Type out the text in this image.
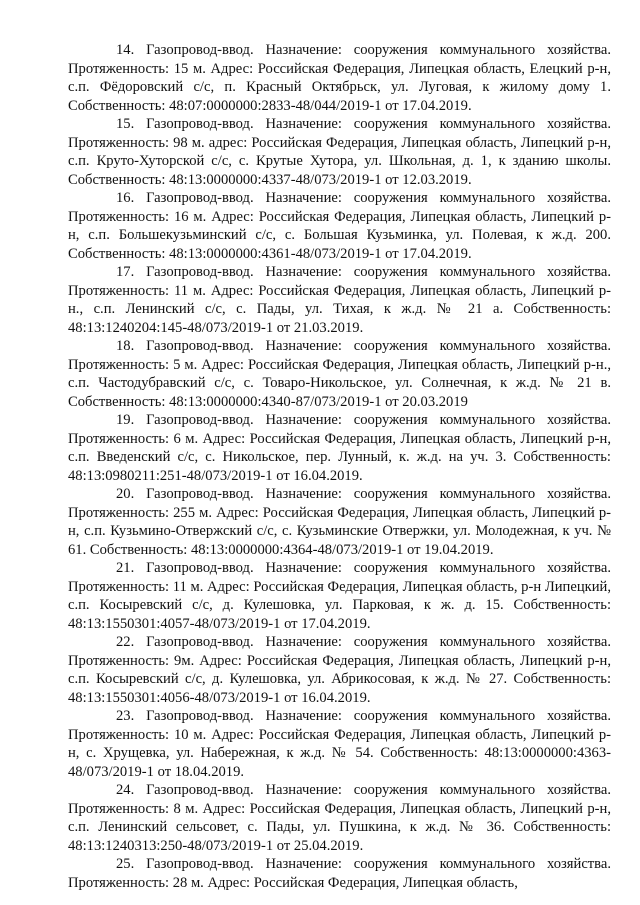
14. Газопровод-ввод. Назначение: сооружения коммунального хозяйства. Протяженность: 15 м. Адрес: Российская Федерация, Липецкая область, Елецкий р-н, с.п. Фёдоровский с/с, п. Красный Октябрьск, ул. Луговая, к жилому дому 1. Собственность: 48:07:0000000:2833-48/044/2019-1 от 17.04.2019.

15. Газопровод-ввод. Назначение: сооружения коммунального хозяйства. Протяженность: 98 м. адрес: Российская Федерация, Липецкая область, Липецкий р-н, с.п. Круто-Хуторской с/с, с. Крутые Хутора, ул. Школьная, д. 1, к зданию школы. Собственность: 48:13:0000000:4337-48/073/2019-1 от 12.03.2019.

16. Газопровод-ввод. Назначение: сооружения коммунального хозяйства. Протяженность: 16 м. Адрес: Российская Федерация, Липецкая область, Липецкий р-н, с.п. Большекузьминский с/с, с. Большая Кузьминка, ул. Полевая, к ж.д. 200. Собственность: 48:13:0000000:4361-48/073/2019-1 от 17.04.2019.

17. Газопровод-ввод. Назначение: сооружения коммунального хозяйства. Протяженность: 11 м. Адрес: Российская Федерация, Липецкая область, Липецкий р-н., с.п. Ленинский с/с, с. Пады, ул. Тихая, к ж.д. № 21 а. Собственность: 48:13:1240204:145-48/073/2019-1 от 21.03.2019.

18. Газопровод-ввод. Назначение: сооружения коммунального хозяйства. Протяженность: 5 м. Адрес: Российская Федерация, Липецкая область, Липецкий р-н., с.п. Частодубравский с/с, с. Товаро-Никольское, ул. Солнечная, к ж.д. № 21 в. Собственность: 48:13:0000000:4340-87/073/2019-1 от 20.03.2019

19. Газопровод-ввод. Назначение: сооружения коммунального хозяйства. Протяженность: 6 м. Адрес: Российская Федерация, Липецкая область, Липецкий р-н, с.п. Введенский с/с, с. Никольское, пер. Лунный, к. ж.д. на уч. 3. Собственность: 48:13:0980211:251-48/073/2019-1 от 16.04.2019.

20. Газопровод-ввод. Назначение: сооружения коммунального хозяйства. Протяженность: 255 м. Адрес: Российская Федерация, Липецкая область, Липецкий р-н, с.п. Кузьмино-Отвержский с/с, с. Кузьминские Отвержки, ул. Молодежная, к уч. № 61. Собственность: 48:13:0000000:4364-48/073/2019-1 от 19.04.2019.

21. Газопровод-ввод. Назначение: сооружения коммунального хозяйства. Протяженность: 11 м. Адрес: Российская Федерация, Липецкая область, р-н Липецкий, с.п. Косыревский с/с, д. Кулешовка, ул. Парковая, к ж. д. 15. Собственность: 48:13:1550301:4057-48/073/2019-1 от 17.04.2019.

22. Газопровод-ввод. Назначение: сооружения коммунального хозяйства. Протяженность: 9м. Адрес: Российская Федерация, Липецкая область, Липецкий р-н, с.п. Косыревский с/с, д. Кулешовка, ул. Абрикосовая, к ж.д. № 27. Собственность: 48:13:1550301:4056-48/073/2019-1 от 16.04.2019.

23. Газопровод-ввод. Назначение: сооружения коммунального хозяйства. Протяженность: 10 м. Адрес: Российская Федерация, Липецкая область, Липецкий р-н, с. Хрущевка, ул. Набережная, к ж.д. № 54. Собственность: 48:13:0000000:4363-48/073/2019-1 от 18.04.2019.

24. Газопровод-ввод. Назначение: сооружения коммунального хозяйства. Протяженность: 8 м. Адрес: Российская Федерация, Липецкая область, Липецкий р-н, с.п. Ленинский сельсовет, с. Пады, ул. Пушкина, к ж.д. № 36. Собственность: 48:13:1240313:250-48/073/2019-1 от 25.04.2019.

25. Газопровод-ввод. Назначение: сооружения коммунального хозяйства. Протяженность: 28 м. Адрес: Российская Федерация, Липецкая область,
